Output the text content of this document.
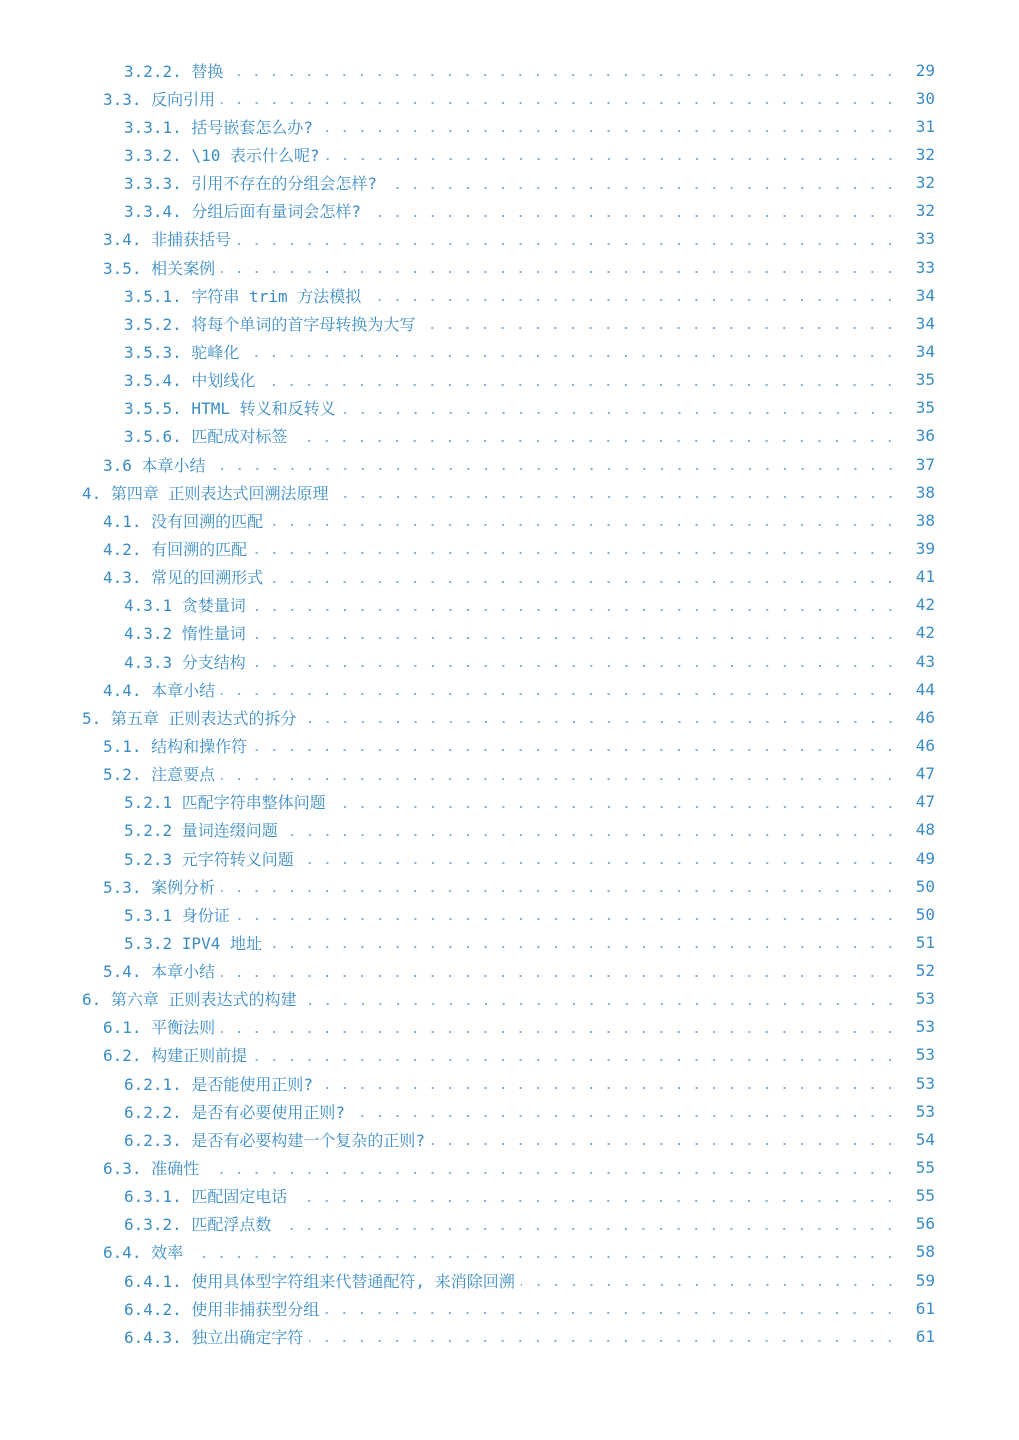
3.2.2. 替换	29
3.3. 反向引用	30
3.3.1. 括号嵌套怎么办?	31
3.3.2. \10 表示什么呢?	32
3.3.3. 引用不存在的分组会怎样?	32
3.3.4. 分组后面有量词会怎样?	32
3.4. 非捕获括号	33
3.5. 相关案例	33
3.5.1. 字符串 trim 方法模拟	34
3.5.2. 将每个单词的首字母转换为大写	34
3.5.3. 驼峰化	34
3.5.4. 中划线化	35
3.5.5. HTML 转义和反转义	35
3.5.6. 匹配成对标签	36
3.6 本章小结	37
4. 第四章 正则表达式回溯法原理	38
4.1. 没有回溯的匹配	38
4.2. 有回溯的匹配	39
4.3. 常见的回溯形式	41
4.3.1 贪婪量词	42
4.3.2 惰性量词	42
4.3.3 分支结构	43
4.4. 本章小结	44
5. 第五章 正则表达式的拆分	46
5.1. 结构和操作符	46
5.2. 注意要点	47
5.2.1 匹配字符串整体问题	47
5.2.2 量词连缀问题	48
5.2.3 元字符转义问题	49
5.3. 案例分析	50
5.3.1 身份证	50
5.3.2 IPV4 地址	51
5.4. 本章小结	52
6. 第六章 正则表达式的构建	53
6.1. 平衡法则	53
6.2. 构建正则前提	53
6.2.1. 是否能使用正则?	53
6.2.2. 是否有必要使用正则?	53
6.2.3. 是否有必要构建一个复杂的正则?	54
6.3. 准确性	55
6.3.1. 匹配固定电话	55
6.3.2. 匹配浮点数	56
6.4. 效率	58
6.4.1. 使用具体型字符组来代替通配符, 来消除回溯	59
6.4.2. 使用非捕获型分组	61
6.4.3. 独立出确定字符	61
